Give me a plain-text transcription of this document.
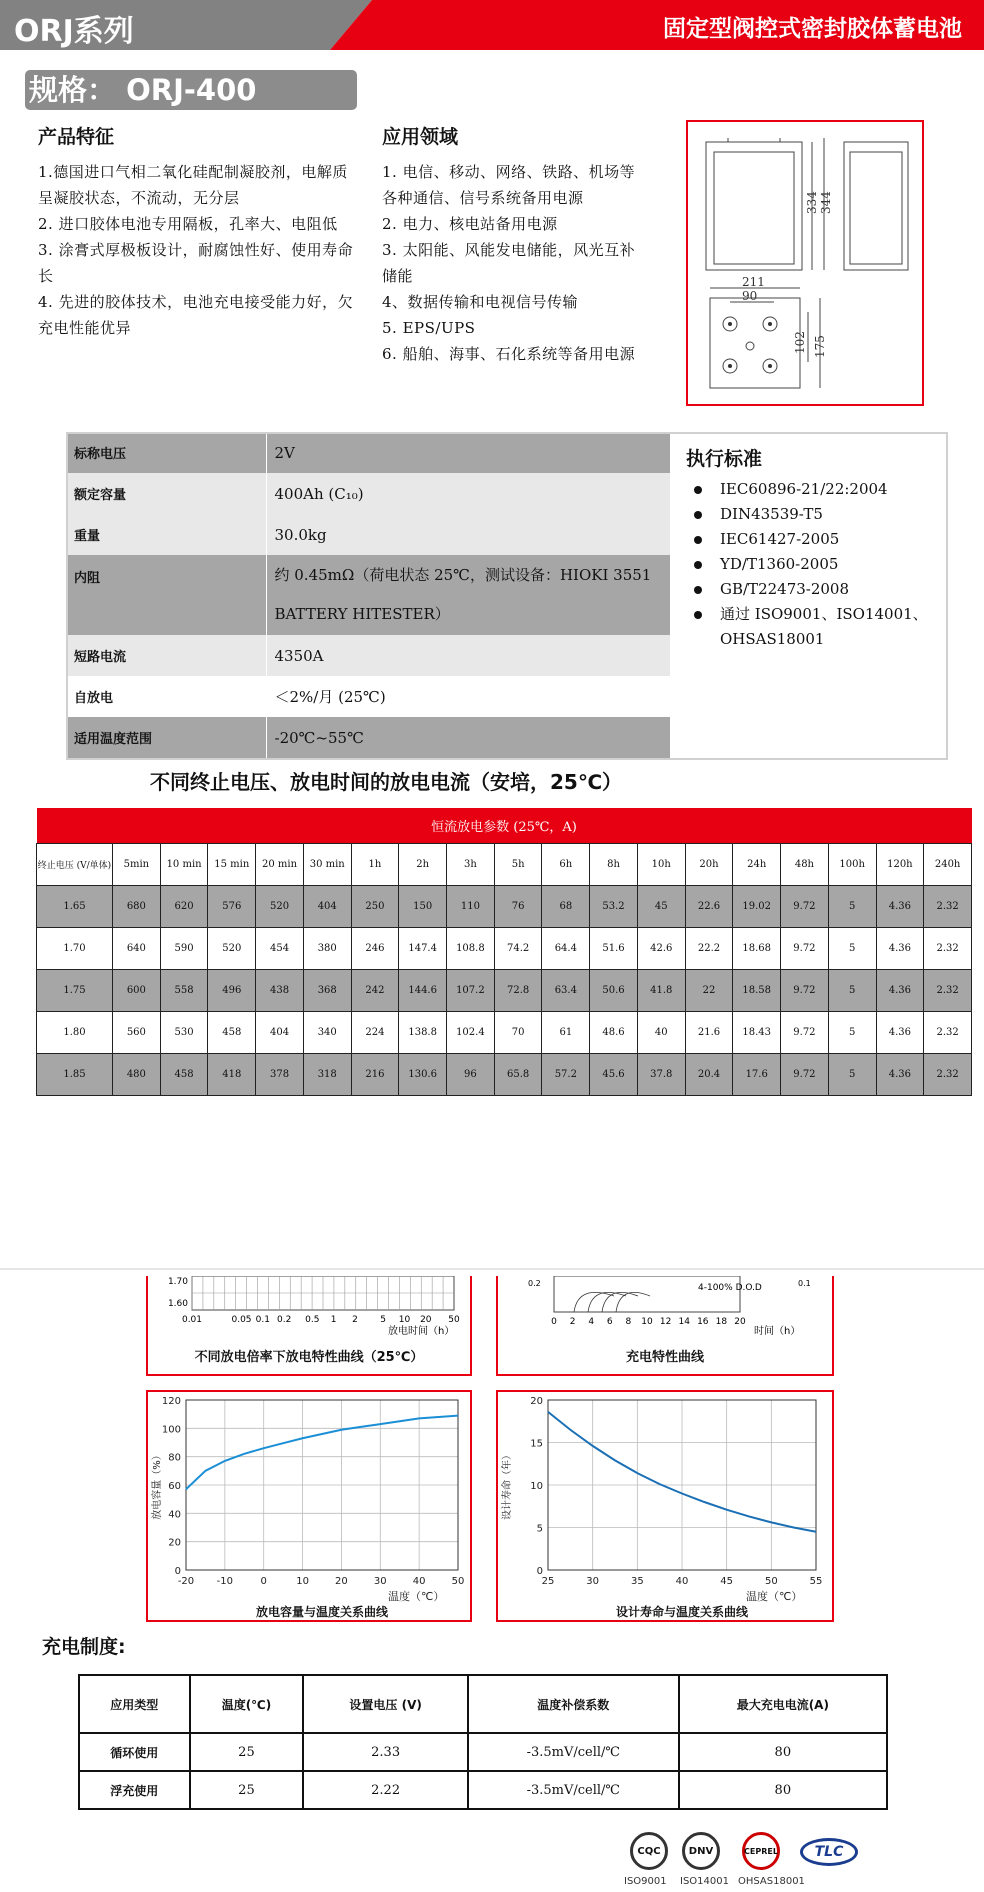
ORJ系列	固定型阀控式密封胶体蓄电池
规格： ORJ-400
产品特征
1.德国进口气相二氧化硅配制凝胶剂，电解质呈凝胶状态，不流动，无分层
2. 进口胶体电池专用隔板，孔率大、电阻低
3. 涂膏式厚极板设计，耐腐蚀性好、使用寿命长
4. 先进的胶体技术，电池充电接受能力好，欠充电性能优异
应用领域
1. 电信、移动、网络、铁路、机场等各种通信、信号系统备用电源
2. 电力、核电站备用电源
3. 太阳能、风能发电储能，风光互补储能
4、数据传输和电视信号传输
5. EPS/UPS
6. 船舶、海事、石化系统等备用电源
334 344
211
90
102 175
标称电压	2V
额定容量	400Ah (C₁₀)
重量	30.0kg
内阻	约 0.45mΩ（荷电状态 25℃，测试设备：HIOKI 3551 BATTERY HITESTER）
短路电流	4350A
自放电	＜2%/月 (25℃)
适用温度范围	-20℃~55℃
执行标准
IEC60896-21/22:2004
DIN43539-T5
IEC61427-2005
YD/T1360-2005
GB/T22473-2008
通过 ISO9001、ISO14001、OHSAS18001
不同终止电压、放电时间的放电电流（安培，25℃）
恒流放电参数 (25℃，A)																		
终止电压 (V/单体)	5min	10 min	15 min	20 min	30 min	1h	2h	3h	5h	6h	8h	10h	20h	24h	48h	100h	120h	240h
1.65	680	620	576	520	404	250	150	110	76	68	53.2	45	22.6	19.02	9.72	5	4.36	2.32
1.70	640	590	520	454	380	246	147.4	108.8	74.2	64.4	51.6	42.6	22.2	18.68	9.72	5	4.36	2.32
1.75	600	558	496	438	368	242	144.6	107.2	72.8	63.4	50.6	41.8	22	18.58	9.72	5	4.36	2.32
1.80	560	530	458	404	340	224	138.8	102.4	70	61	48.6	40	21.6	18.43	9.72	5	4.36	2.32
1.85	480	458	418	378	318	216	130.6	96	65.8	57.2	45.6	37.8	20.4	17.6	9.72	5	4.36	2.32
1.60
1.70
0.01	0.05 0.1 0.2 0.5 1 2 5 10 20 50
放电时间（h）
不同放电倍率下放电特性曲线（25℃）
0 2 4 6 8 10 12 14 16 18 20
4-100% D.O.D
0.2	0.1
时间（h）
充电特性曲线
-20 -10	0	10	20	30	40	50
0
20
40
60
80
100
120
温度（℃）
放电容量（%）
放电容量与温度关系曲线
25	30	35	40	45	50	55
0
5
10
15
20
温度（℃）
设计寿命（年）
设计寿命与温度关系曲线
充电制度:
应用类型	温度(℃)	设置电压 (V)	温度补偿系数	最大充电电流(A)
循环使用	25	2.33	-3.5mV/cell/℃	80
浮充使用	25	2.22	-3.5mV/cell/℃	80
CQC	DNV	CEPREL	TLC
ISO9001 ISO14001 OHSAS18001
